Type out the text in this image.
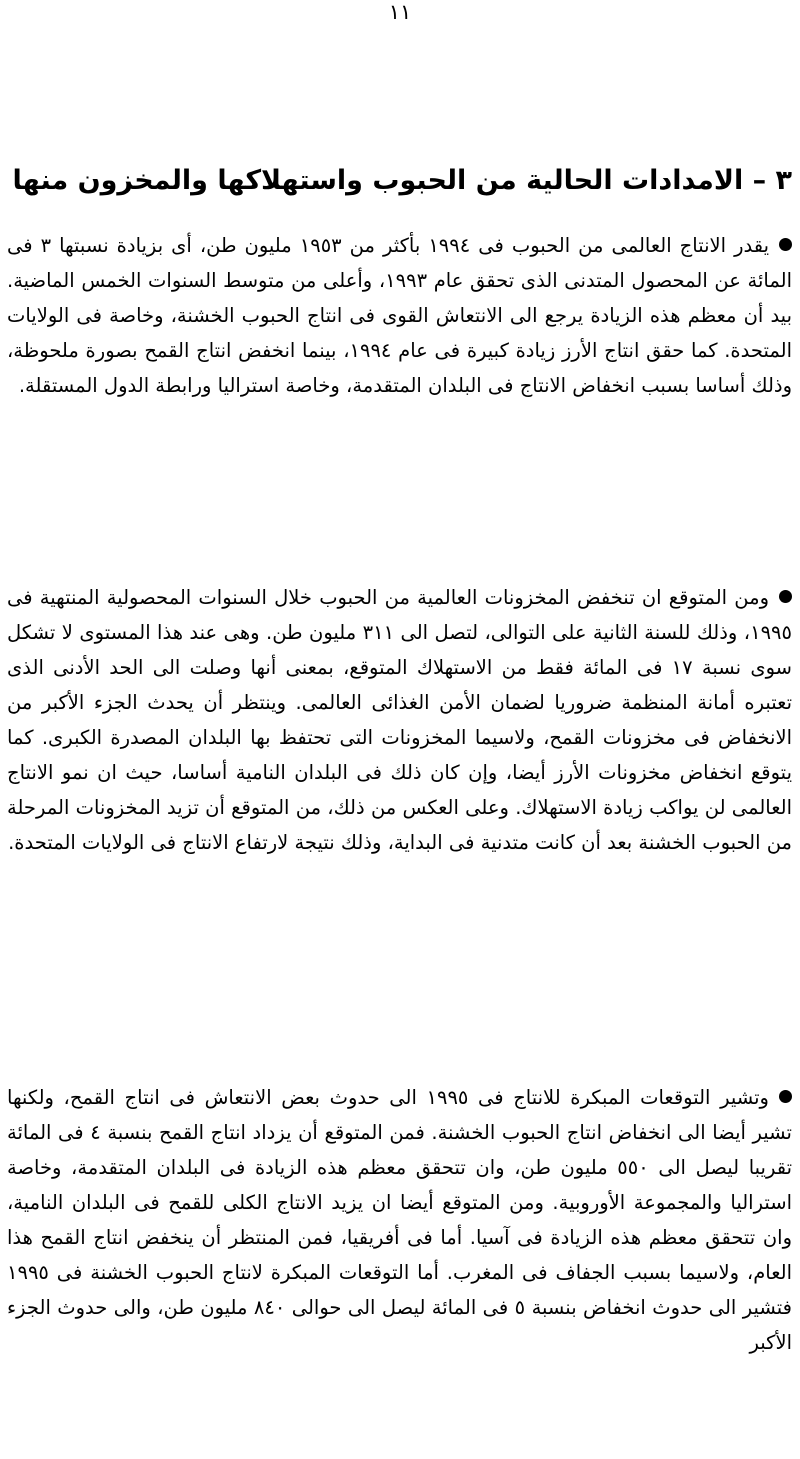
١١
٣ – الامدادات الحالية من الحبوب واستهلاكها والمخزون منها

يقدر الانتاج العالمى من الحبوب فى ١٩٩٤ بأكثر من ١٩٥٣ مليون طن، أى بزيادة نسبتها ٣ فى المائة عن المحصول المتدنى الذى تحقق عام ١٩٩٣، وأعلى من متوسط السنوات الخمس الماضية. بيد أن معظم هذه الزيادة يرجع الى الانتعاش القوى فى انتاج الحبوب الخشنة، وخاصة فى الولايات المتحدة. كما حقق انتاج الأرز زيادة كبيرة فى عام ١٩٩٤، بينما انخفض انتاج القمح بصورة ملحوظة، وذلك أساسا بسبب انخفاض الانتاج فى البلدان المتقدمة، وخاصة استراليا ورابطة الدول المستقلة.

ومن المتوقع ان تنخفض المخزونات العالمية من الحبوب خلال السنوات المحصولية المنتهية فى ١٩٩٥، وذلك للسنة الثانية على التوالى، لتصل الى ٣١١ مليون طن. وهى عند هذا المستوى لا تشكل سوى نسبة ١٧ فى المائة فقط من الاستهلاك المتوقع، بمعنى أنها وصلت الى الحد الأدنى الذى تعتبره أمانة المنظمة ضروريا لضمان الأمن الغذائى العالمى. وينتظر أن يحدث الجزء الأكبر من الانخفاض فى مخزونات القمح، ولاسيما المخزونات التى تحتفظ بها البلدان المصدرة الكبرى. كما يتوقع انخفاض مخزونات الأرز أيضا، وإن كان ذلك فى البلدان النامية أساسا، حيث ان نمو الانتاج العالمى لن يواكب زيادة الاستهلاك. وعلى العكس من ذلك، من المتوقع أن تزيد المخزونات المرحلة من الحبوب الخشنة بعد أن كانت متدنية فى البداية، وذلك نتيجة لارتفاع الانتاج فى الولايات المتحدة.

وتشير التوقعات المبكرة للانتاج فى ١٩٩٥ الى حدوث بعض الانتعاش فى انتاج القمح، ولكنها تشير أيضا الى انخفاض انتاج الحبوب الخشنة. فمن المتوقع أن يزداد انتاج القمح بنسبة ٤ فى المائة تقريبا ليصل الى ٥٥٠ مليون طن، وان تتحقق معظم هذه الزيادة فى البلدان المتقدمة، وخاصة استراليا والمجموعة الأوروبية. ومن المتوقع أيضا ان يزيد الانتاج الكلى للقمح فى البلدان النامية، وان تتحقق معظم هذه الزيادة فى آسيا. أما فى أفريقيا، فمن المنتظر أن ينخفض انتاج القمح هذا العام، ولاسيما بسبب الجفاف فى المغرب. أما التوقعات المبكرة لانتاج الحبوب الخشنة فى ١٩٩٥ فتشير الى حدوث انخفاض بنسبة ٥ فى المائة ليصل الى حوالى ٨٤٠ مليون طن، والى حدوث الجزء الأكبر
